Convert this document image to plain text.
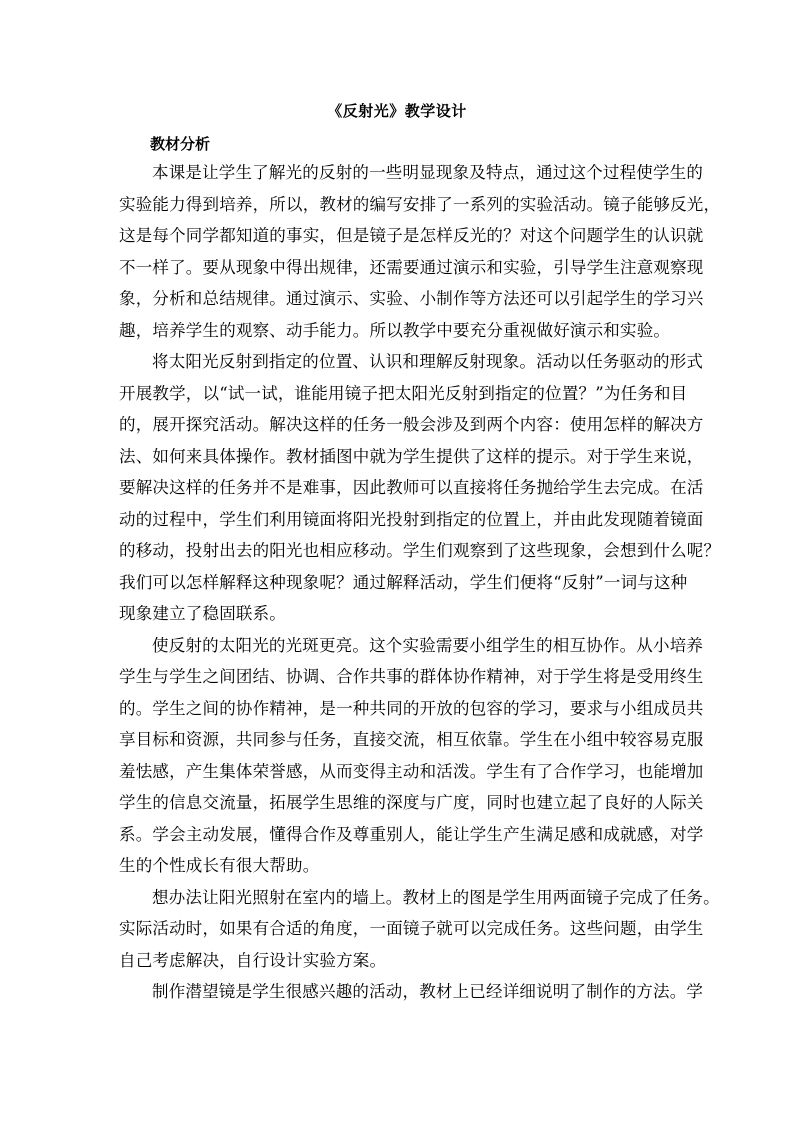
《反射光》教学设计
教材分析

本课是让学生了解光的反射的一些明显现象及特点，通过这个过程使学生的
实验能力得到培养，所以，教材的编写安排了一系列的实验活动。镜子能够反光，
这是每个同学都知道的事实，但是镜子是怎样反光的？对这个问题学生的认识就
不一样了。要从现象中得出规律，还需要通过演示和实验，引导学生注意观察现
象，分析和总结规律。通过演示、实验、小制作等方法还可以引起学生的学习兴
趣，培养学生的观察、动手能力。所以教学中要充分重视做好演示和实验。

将太阳光反射到指定的位置、认识和理解反射现象。活动以任务驱动的形式
开展教学，以“试一试，谁能用镜子把太阳光反射到指定的位置？”为任务和目
的，展开探究活动。解决这样的任务一般会涉及到两个内容：使用怎样的解决方
法、如何来具体操作。教材插图中就为学生提供了这样的提示。对于学生来说，
要解决这样的任务并不是难事，因此教师可以直接将任务抛给学生去完成。在活
动的过程中，学生们利用镜面将阳光投射到指定的位置上，并由此发现随着镜面
的移动，投射出去的阳光也相应移动。学生们观察到了这些现象，会想到什么呢？
我们可以怎样解释这种现象呢？通过解释活动，学生们便将“反射”一词与这种
现象建立了稳固联系。

使反射的太阳光的光斑更亮。这个实验需要小组学生的相互协作。从小培养
学生与学生之间团结、协调、合作共事的群体协作精神，对于学生将是受用终生
的。学生之间的协作精神，是一种共同的开放的包容的学习，要求与小组成员共
享目标和资源，共同参与任务，直接交流，相互依靠。学生在小组中较容易克服
羞怯感，产生集体荣誉感，从而变得主动和活泼。学生有了合作学习，也能增加
学生的信息交流量，拓展学生思维的深度与广度，同时也建立起了良好的人际关
系。学会主动发展，懂得合作及尊重别人，能让学生产生满足感和成就感，对学
生的个性成长有很大帮助。

想办法让阳光照射在室内的墙上。教材上的图是学生用两面镜子完成了任务。
实际活动时，如果有合适的角度，一面镜子就可以完成任务。这些问题，由学生
自己考虑解决，自行设计实验方案。

制作潜望镜是学生很感兴趣的活动，教材上已经详细说明了制作的方法。学
